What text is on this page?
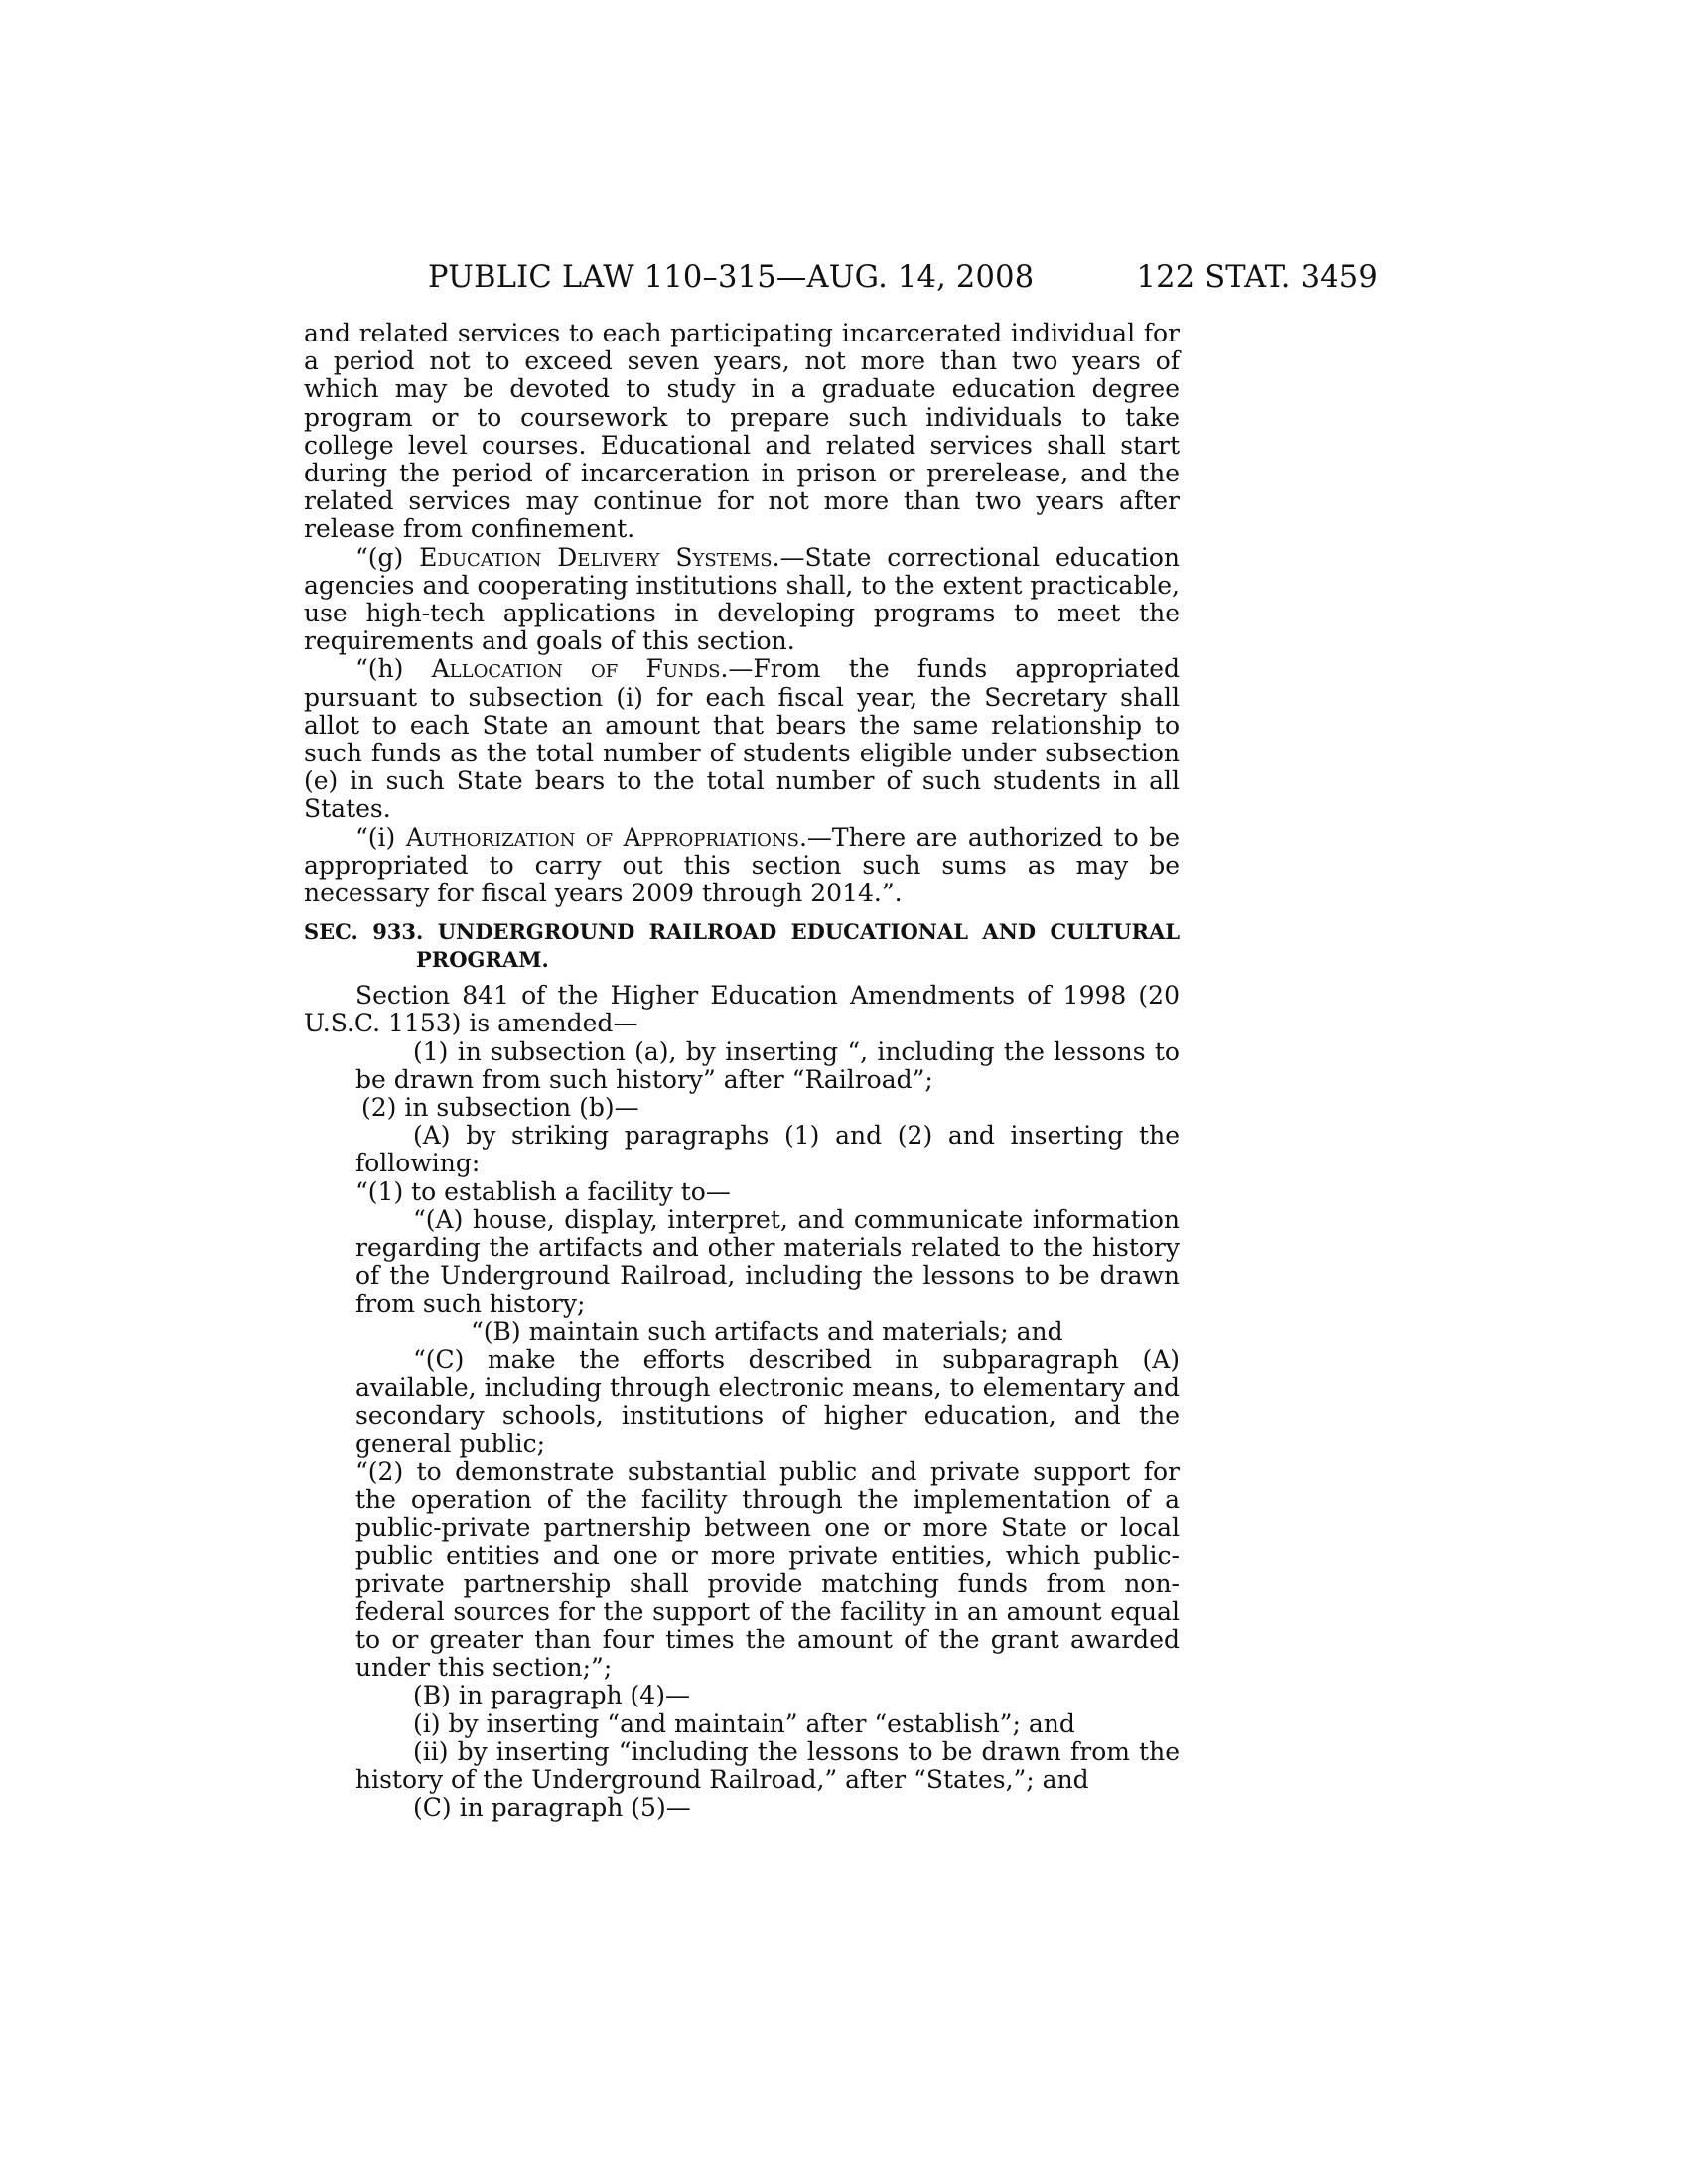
PUBLIC LAW 110–315—AUG. 14, 2008	122 STAT. 3459

and related services to each participating incarcerated individual for a period not to exceed seven years, not more than two years of which may be devoted to study in a graduate education degree program or to coursework to prepare such individuals to take college level courses. Educational and related services shall start during the period of incarceration in prison or prerelease, and the related services may continue for not more than two years after release from confinement.

“(g) Education Delivery Systems.—State correctional education agencies and cooperating institutions shall, to the extent practicable, use high-tech applications in developing programs to meet the requirements and goals of this section.

“(h) Allocation of Funds.—From the funds appropriated pursuant to subsection (i) for each fiscal year, the Secretary shall allot to each State an amount that bears the same relationship to such funds as the total number of students eligible under subsection (e) in such State bears to the total number of such students in all States.

“(i) Authorization of Appropriations.—There are authorized to be appropriated to carry out this section such sums as may be necessary for fiscal years 2009 through 2014.”.

SEC. 933. UNDERGROUND RAILROAD EDUCATIONAL AND CULTURAL PROGRAM.

Section 841 of the Higher Education Amendments of 1998 (20 U.S.C. 1153) is amended—

(1) in subsection (a), by inserting “, including the lessons to be drawn from such history” after “Railroad”;

(2) in subsection (b)—

(A) by striking paragraphs (1) and (2) and inserting the following:

“(1) to establish a facility to—

“(A) house, display, interpret, and communicate information regarding the artifacts and other materials related to the history of the Underground Railroad, including the lessons to be drawn from such history;

“(B) maintain such artifacts and materials; and

“(C) make the efforts described in subparagraph (A) available, including through electronic means, to elementary and secondary schools, institutions of higher education, and the general public;

“(2) to demonstrate substantial public and private support for the operation of the facility through the implementation of a public-private partnership between one or more State or local public entities and one or more private entities, which public-private partnership shall provide matching funds from non-federal sources for the support of the facility in an amount equal to or greater than four times the amount of the grant awarded under this section;”;

(B) in paragraph (4)—

(i) by inserting “and maintain” after “establish”; and

(ii) by inserting “including the lessons to be drawn from the history of the Underground Railroad,” after “States,”; and

(C) in paragraph (5)—
